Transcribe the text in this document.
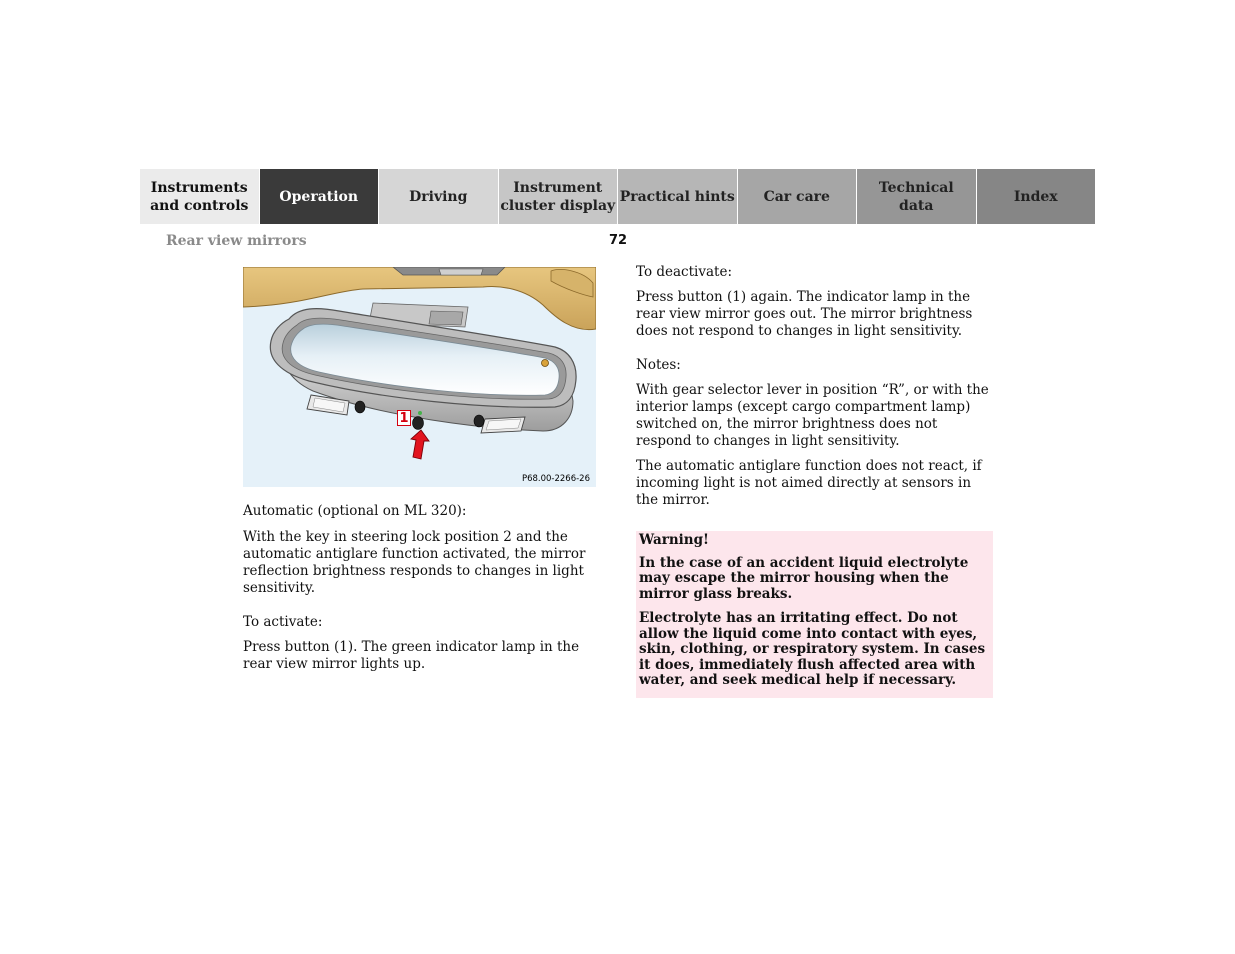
Instruments
and controls
Operation	Driving
Instrument
cluster display
Practical hints	Car care
Technical
data
Index
Rear view mirrors	72
1
P68.00-2266-26

Automatic (optional on ML 320):

With the key in steering lock position 2 and the automatic antiglare function activated, the mirror reflection brightness responds to changes in light sensitivity.

To activate:

Press button (1). The green indicator lamp in the rear view mirror lights up.

To deactivate:

Press button (1) again. The indicator lamp in the rear view mirror goes out. The mirror brightness does not respond to changes in light sensitivity.

Notes:

With gear selector lever in position “R”, or with the interior lamps (except cargo compartment lamp) switched on, the mirror brightness does not respond to changes in light sensitivity.

The automatic antiglare function does not react, if incoming light is not aimed directly at sensors in the mirror.

Warning!

In the case of an accident liquid electrolyte may escape the mirror housing when the mirror glass breaks.

Electrolyte has an irritating effect. Do not allow the liquid come into contact with eyes, skin, clothing, or respiratory system. In cases it does, immediately flush affected area with water, and seek medical help if necessary.
